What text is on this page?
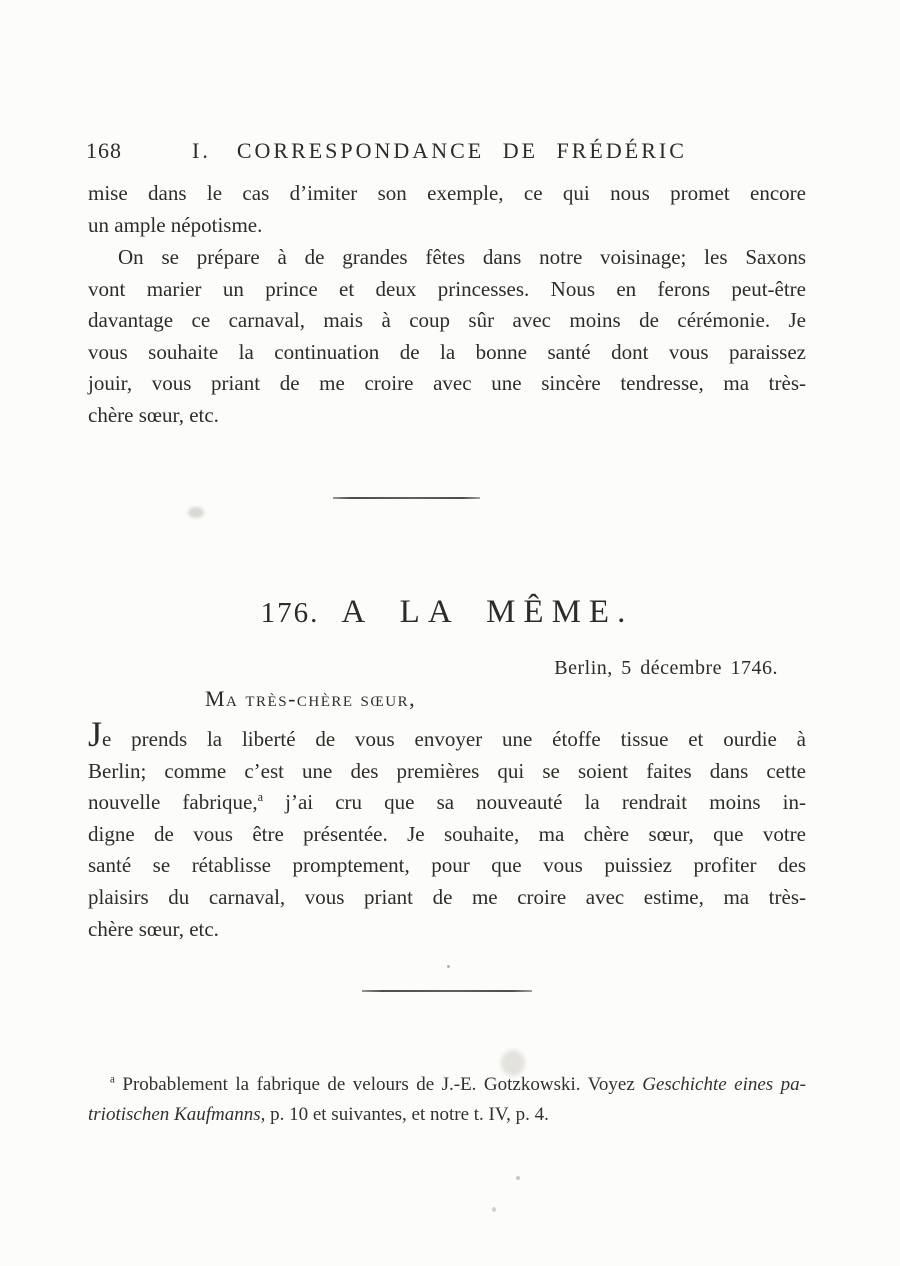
168	I. CORRESPONDANCE DE FRÉDÉRIC
mise dans le cas d’imiter son exemple, ce qui nous promet encore
un ample népotisme.
On se prépare à de grandes fêtes dans notre voisinage; les Saxons
vont marier un prince et deux princesses. Nous en ferons peut-être
davantage ce carnaval, mais à coup sûr avec moins de cérémonie. Je
vous souhaite la continuation de la bonne santé dont vous paraissez
jouir, vous priant de me croire avec une sincère tendresse, ma très-
chère sœur, etc.
176. A LA MÊME.
Berlin, 5 décembre 1746.
Ma très-chère sœur,
Je prends la liberté de vous envoyer une étoffe tissue et ourdie à
Berlin; comme c’est une des premières qui se soient faites dans cette
nouvelle fabrique,$^a$ j’ai cru que sa nouveauté la rendrait moins in-
digne de vous être présentée. Je souhaite, ma chère sœur, que votre
santé se rétablisse promptement, pour que vous puissiez profiter des
plaisirs du carnaval, vous priant de me croire avec estime, ma très-
chère sœur, etc.
$^a$ Probablement la fabrique de velours de J.-E. Gotzkowski. Voyez Geschichte eines pa-
triotischen Kaufmanns, p. 10 et suivantes, et notre t. IV, p. 4.
